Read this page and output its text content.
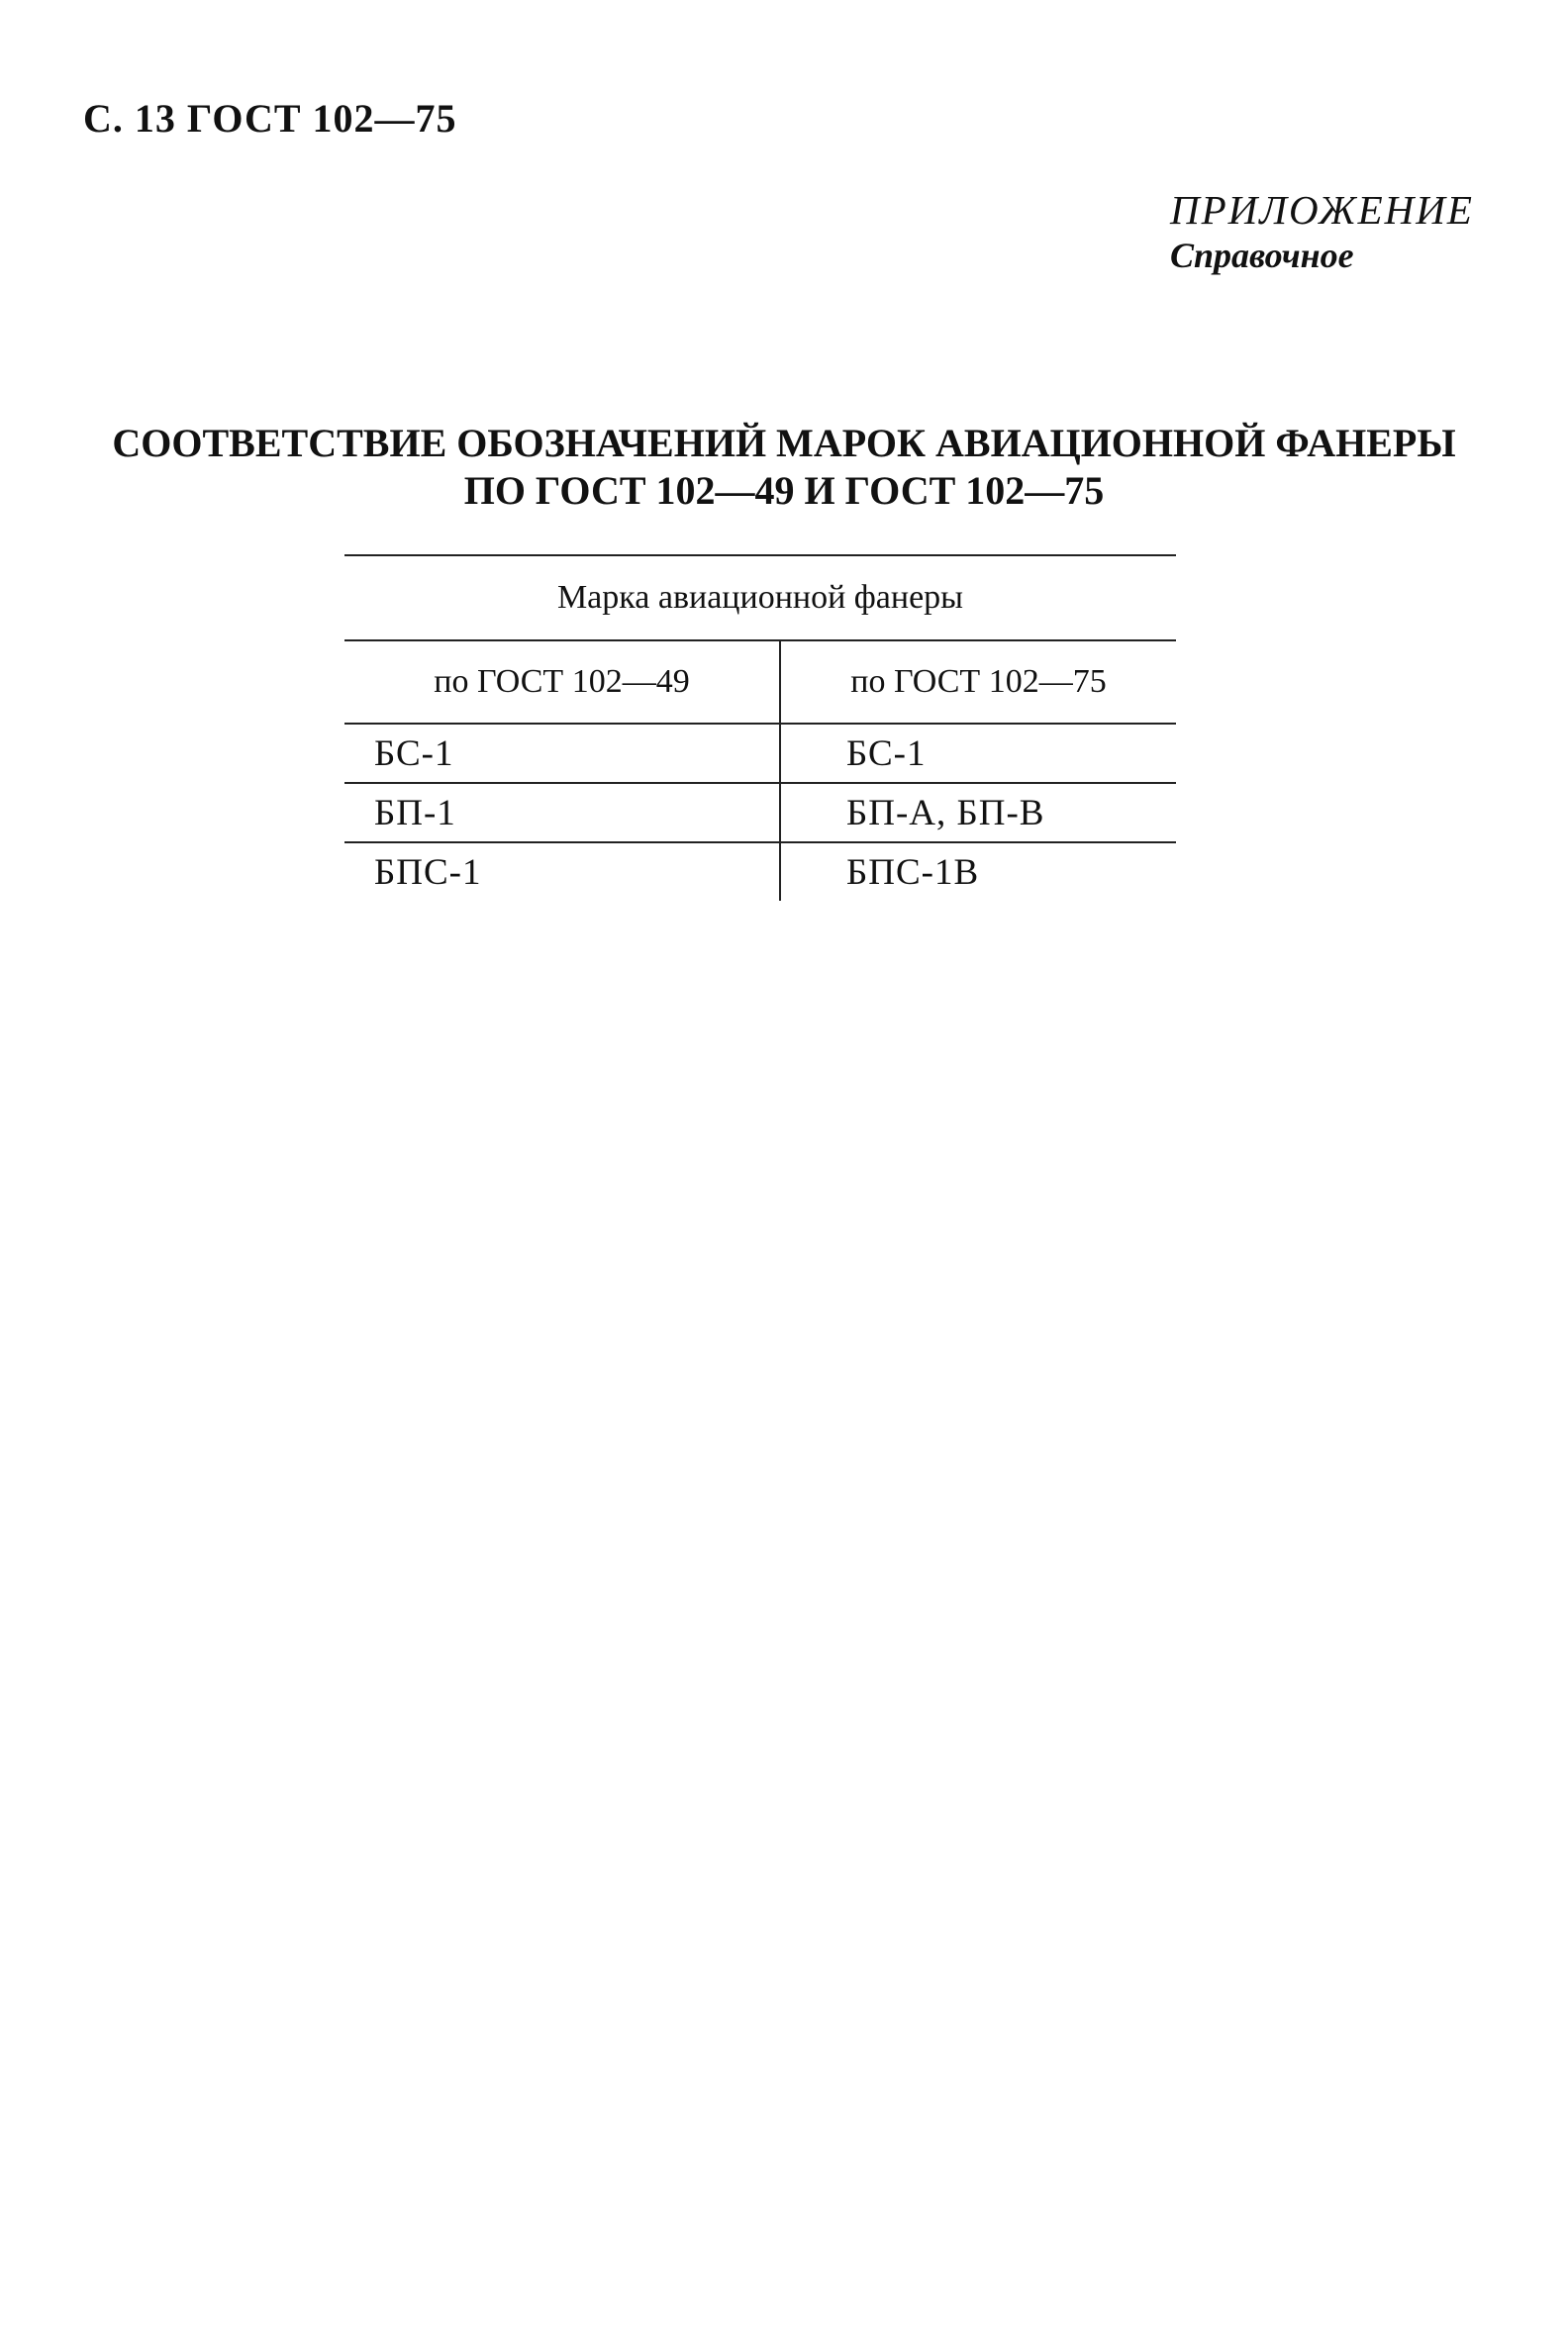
С. 13 ГОСТ 102—75
ПРИЛОЖЕНИЕ
Справочное
СООТВЕТСТВИЕ ОБОЗНАЧЕНИЙ МАРОК АВИАЦИОННОЙ ФАНЕРЫ
ПО ГОСТ 102—49 И ГОСТ 102—75
Марка авиационной фанеры	
по ГОСТ 102—49	по ГОСТ 102—75
БС-1	БС-1
БП-1	БП-А, БП-В
БПС-1	БПС-1В
